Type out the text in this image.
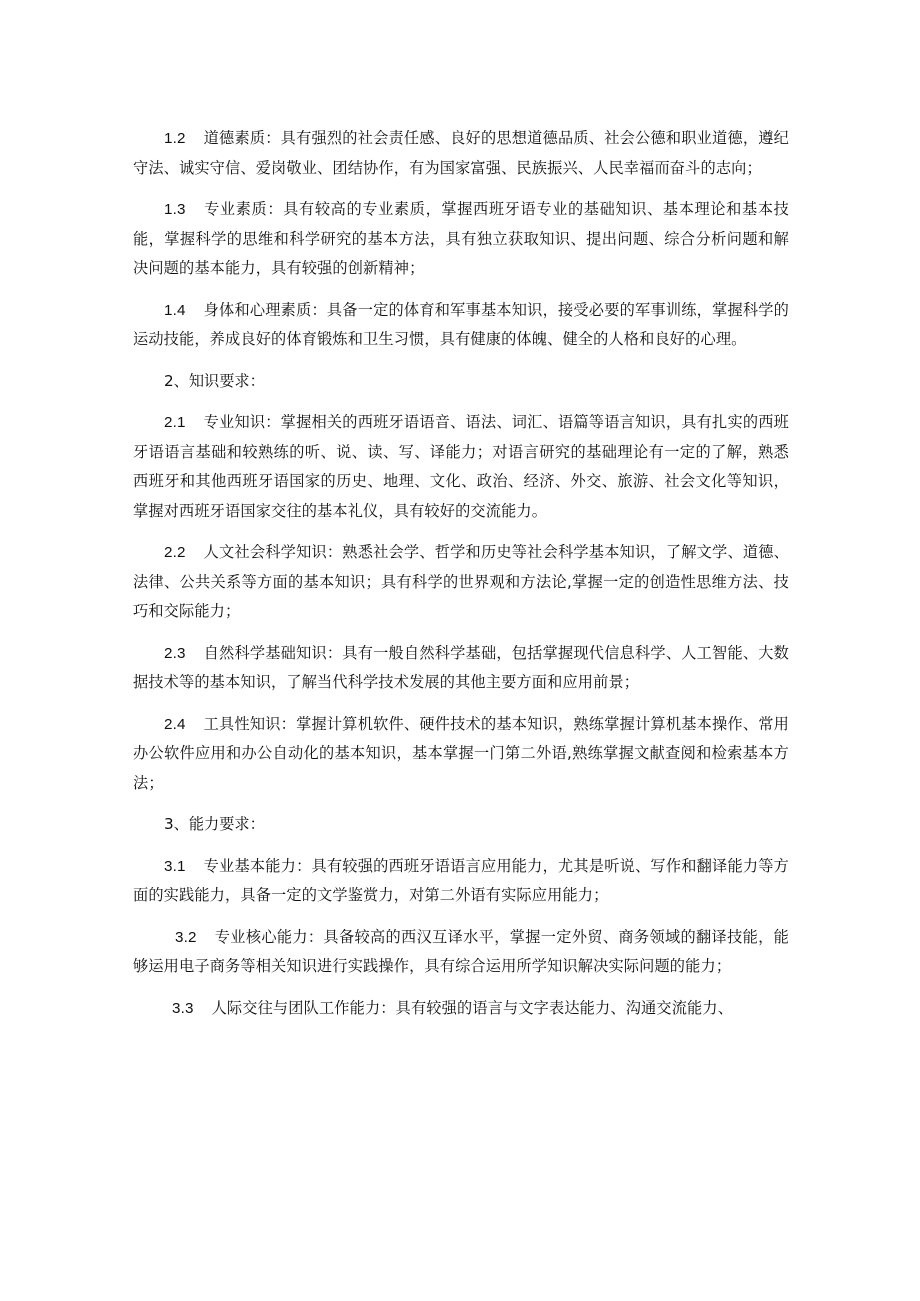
1.2 道德素质：具有强烈的社会责任感、良好的思想道德品质、社会公德和职业道德，遵纪守法、诚实守信、爱岗敬业、团结协作，有为国家富强、民族振兴、人民幸福而奋斗的志向；

1.3 专业素质：具有较高的专业素质，掌握西班牙语专业的基础知识、基本理论和基本技能，掌握科学的思维和科学研究的基本方法，具有独立获取知识、提出问题、综合分析问题和解决问题的基本能力，具有较强的创新精神；

1.4 身体和心理素质：具备一定的体育和军事基本知识，接受必要的军事训练，掌握科学的运动技能，养成良好的体育锻炼和卫生习惯，具有健康的体魄、健全的人格和良好的心理。

2、知识要求：

2.1 专业知识：掌握相关的西班牙语语音、语法、词汇、语篇等语言知识，具有扎实的西班牙语语言基础和较熟练的听、说、读、写、译能力；对语言研究的基础理论有一定的了解，熟悉西班牙和其他西班牙语国家的历史、地理、文化、政治、经济、外交、旅游、社会文化等知识，掌握对西班牙语国家交往的基本礼仪，具有较好的交流能力。

2.2 人文社会科学知识：熟悉社会学、哲学和历史等社会科学基本知识，了解文学、道德、法律、公共关系等方面的基本知识；具有科学的世界观和方法论,掌握一定的创造性思维方法、技巧和交际能力；

2.3 自然科学基础知识：具有一般自然科学基础，包括掌握现代信息科学、人工智能、大数据技术等的基本知识，了解当代科学技术发展的其他主要方面和应用前景；

2.4 工具性知识：掌握计算机软件、硬件技术的基本知识，熟练掌握计算机基本操作、常用办公软件应用和办公自动化的基本知识，基本掌握一门第二外语,熟练掌握文献查阅和检索基本方法；

3、能力要求：

3.1 专业基本能力：具有较强的西班牙语语言应用能力，尤其是听说、写作和翻译能力等方面的实践能力，具备一定的文学鉴赏力，对第二外语有实际应用能力；

3.2 专业核心能力：具备较高的西汉互译水平，掌握一定外贸、商务领域的翻译技能，能够运用电子商务等相关知识进行实践操作，具有综合运用所学知识解决实际问题的能力；

3.3 人际交往与团队工作能力：具有较强的语言与文字表达能力、沟通交流能力、
